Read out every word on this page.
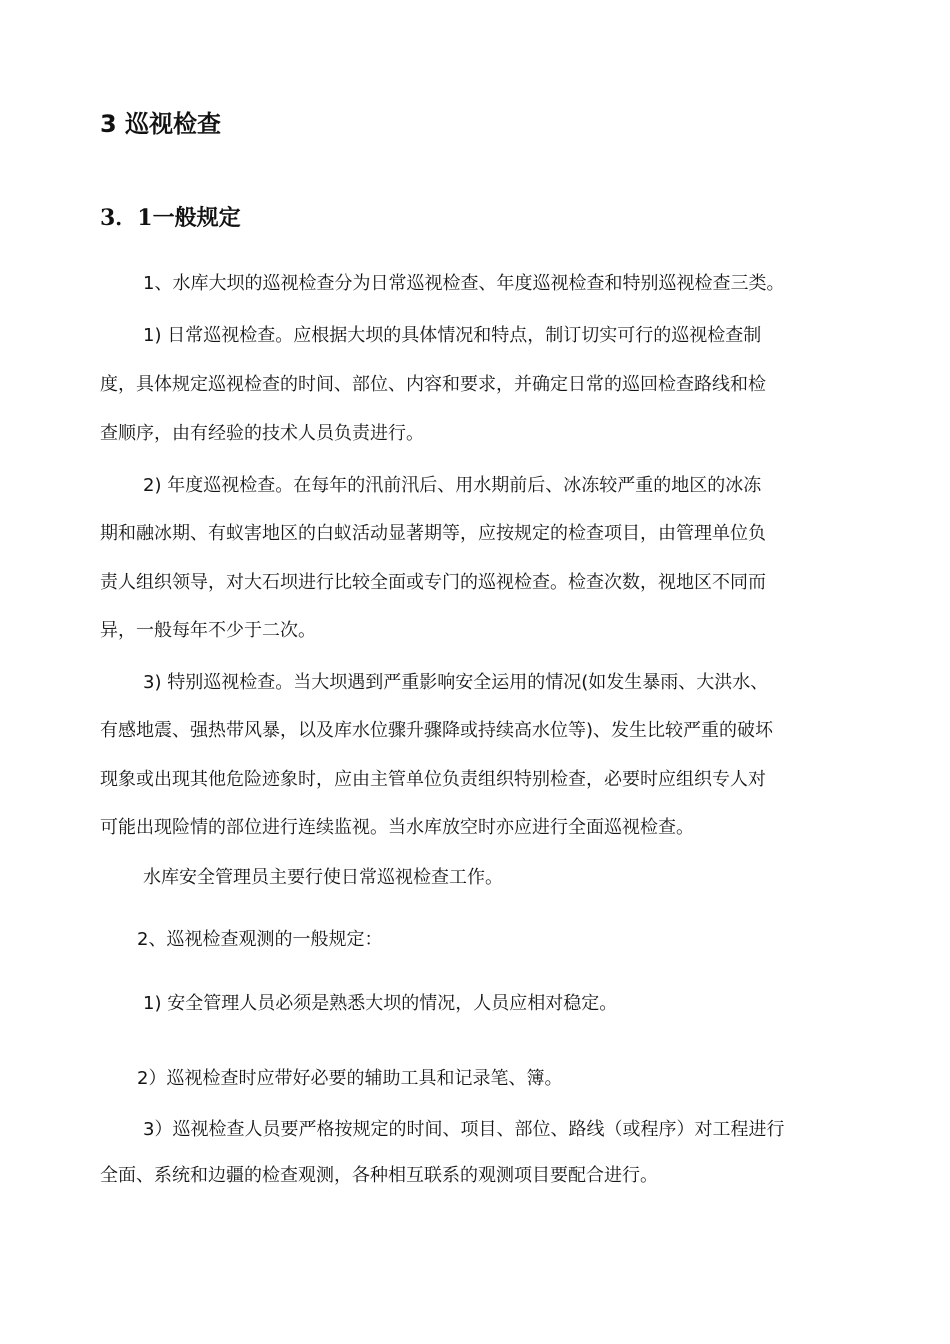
3 巡视检查
3．1一般规定
1、水库大坝的巡视检查分为日常巡视检查、年度巡视检查和特别巡视检查三类。
1) 日常巡视检查。应根据大坝的具体情况和特点，制订切实可行的巡视检查制
度，具体规定巡视检查的时间、部位、内容和要求，并确定日常的巡回检查路线和检
查顺序，由有经验的技术人员负责进行。
2) 年度巡视检查。在每年的汛前汛后、用水期前后、冰冻较严重的地区的冰冻
期和融冰期、有蚁害地区的白蚁活动显著期等，应按规定的检查项目，由管理单位负
责人组织领导，对大石坝进行比较全面或专门的巡视检查。检查次数，视地区不同而
异，一般每年不少于二次。
3) 特别巡视检查。当大坝遇到严重影响安全运用的情况(如发生暴雨、大洪水、
有感地震、强热带风暴，以及库水位骤升骤降或持续高水位等)、发生比较严重的破坏
现象或出现其他危险迹象时，应由主管单位负责组织特别检查，必要时应组织专人对
可能出现险情的部位进行连续监视。当水库放空时亦应进行全面巡视检查。
水库安全管理员主要行使日常巡视检查工作。
2、巡视检查观测的一般规定：
1) 安全管理人员必须是熟悉大坝的情况，人员应相对稳定。
2）巡视检查时应带好必要的辅助工具和记录笔、簿。
3）巡视检查人员要严格按规定的时间、项目、部位、路线（或程序）对工程进行
全面、系统和边疆的检查观测，各种相互联系的观测项目要配合进行。
